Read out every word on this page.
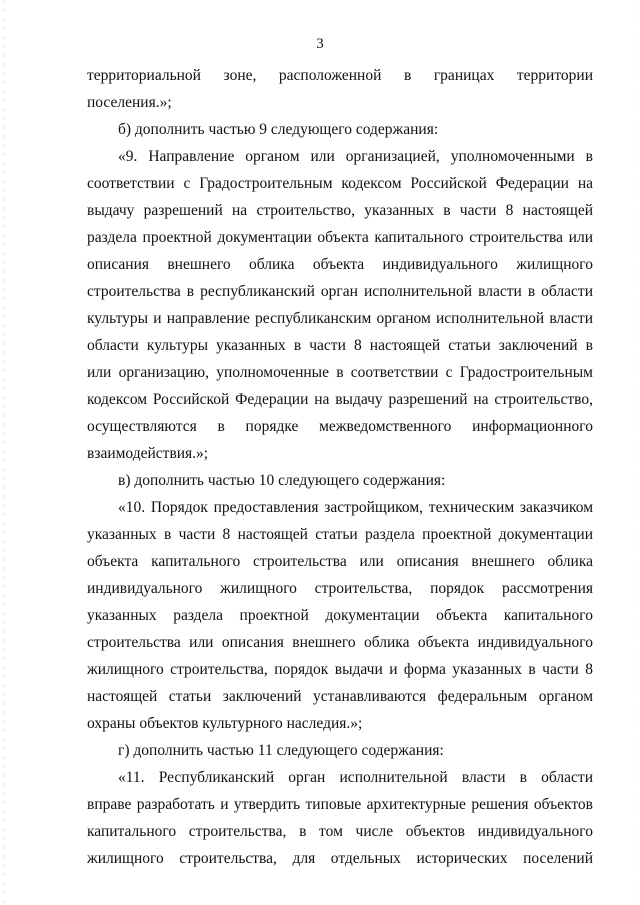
3
территориальной зоне, расположенной в границах территории
поселения.»;
б) дополнить частью 9 следующего содержания:
«9. Направление органом или организацией, уполномоченными в
соответствии с Градостроительным кодексом Российской Федерации на
выдачу разрешений на строительство, указанных в части 8 настоящей
раздела проектной документации объекта капитального строительства или
описания внешнего облика объекта индивидуального жилищного
строительства в республиканский орган исполнительной власти в области
культуры и направление республиканским органом исполнительной власти
области культуры указанных в части 8 настоящей статьи заключений в
или организацию, уполномоченные в соответствии с Градостроительным
кодексом Российской Федерации на выдачу разрешений на строительство,
осуществляются в порядке межведомственного информационного
взаимодействия.»;
в) дополнить частью 10 следующего содержания:
«10. Порядок предоставления застройщиком, техническим заказчиком
указанных в части 8 настоящей статьи раздела проектной документации
объекта капитального строительства или описания внешнего облика
индивидуального жилищного строительства, порядок рассмотрения
указанных раздела проектной документации объекта капитального
строительства или описания внешнего облика объекта индивидуального
жилищного строительства, порядок выдачи и форма указанных в части 8
настоящей статьи заключений устанавливаются федеральным органом
охраны объектов культурного наследия.»;
г) дополнить частью 11 следующего содержания:
«11. Республиканский орган исполнительной власти в области
вправе разработать и утвердить типовые архитектурные решения объектов
капитального строительства, в том числе объектов индивидуального
жилищного строительства, для отдельных исторических поселений
